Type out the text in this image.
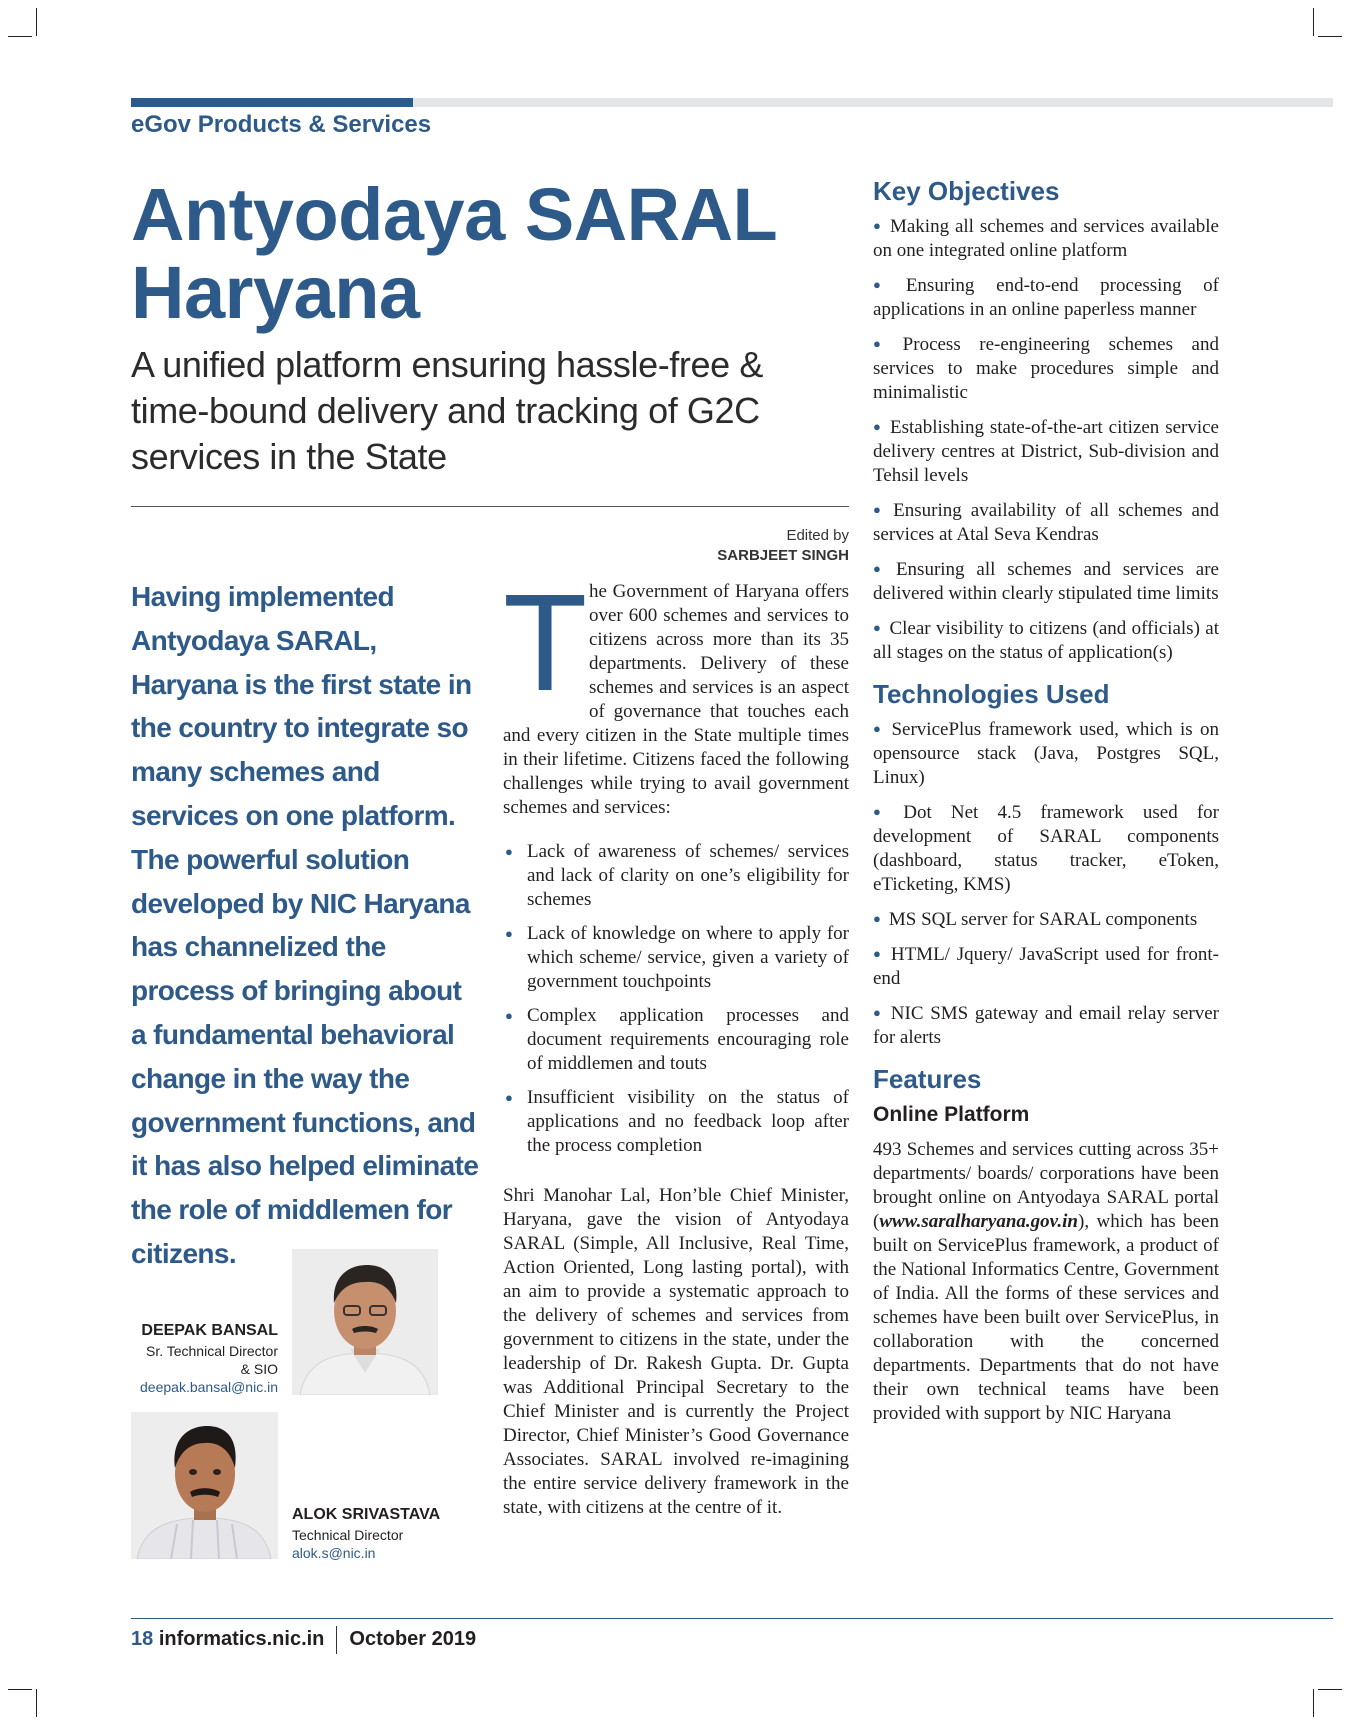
eGov Products & Services
Antyodaya SARAL
Haryana
A unified platform ensuring hassle-free & time-bound delivery and tracking of G2C services in the State
Edited by
SARBJEET SINGH
Having implemented Antyodaya SARAL, Haryana is the first state in the country to integrate so many schemes and services on one platform. The powerful solution developed by NIC Haryana has channelized the process of bringing about a fundamental behavioral change in the way the government functions, and it has also helped eliminate the role of middlemen for citizens.
DEEPAK BANSAL
Sr. Technical Director
& SIO
deepak.bansal@nic.in
ALOK SRIVASTAVA
Technical Director
alok.s@nic.in
T he Government of Haryana offers over 600 schemes and services to citizens across more than its 35 departments. Delivery of these schemes and services is an aspect of governance that touches each and every citizen in the State multiple times in their lifetime. Citizens faced the following challenges while trying to avail government schemes and services:

● Lack of awareness of schemes/ services and lack of clarity on one’s eligibility for schemes
● Lack of knowledge on where to apply for which scheme/ service, given a variety of government touchpoints
● Complex application processes and document requirements encouraging role of middlemen and touts
● Insufficient visibility on the status of applications and no feedback loop after the process completion

Shri Manohar Lal, Hon’ble Chief Minister, Haryana, gave the vision of Antyodaya SARAL (Simple, All Inclusive, Real Time, Action Oriented, Long lasting portal), with an aim to provide a systematic approach to the delivery of schemes and services from government to citizens in the state, under the leadership of Dr. Rakesh Gupta. Dr. Gupta was Additional Principal Secretary to the Chief Minister and is currently the Project Director, Chief Minister’s Good Governance Associates. SARAL involved re-imagining the entire service delivery framework in the state, with citizens at the centre of it.

Key Objectives
● Making all schemes and services available on one integrated online platform
● Ensuring end-to-end processing of applications in an online paperless manner
● Process re-engineering schemes and services to make procedures simple and minimalistic
● Establishing state-of-the-art citizen service delivery centres at District, Sub-division and Tehsil levels
● Ensuring availability of all schemes and services at Atal Seva Kendras
● Ensuring all schemes and services are delivered within clearly stipulated time limits
● Clear visibility to citizens (and officials) at all stages on the status of application(s)
Technologies Used
● ServicePlus framework used, which is on opensource stack (Java, Postgres SQL, Linux)
● Dot Net 4.5 framework used for development of SARAL components (dashboard, status tracker, eToken, eTicketing, KMS)
● MS SQL server for SARAL components
● HTML/ Jquery/ JavaScript used for front-end
● NIC SMS gateway and email relay server for alerts
Features
Online Platform

493 Schemes and services cutting across 35+ departments/ boards/ corporations have been brought online on Antyodaya SARAL portal (www.saralharyana.gov.in), which has been built on ServicePlus framework, a product of the National Informatics Centre, Government of India. All the forms of these services and schemes have been built over ServicePlus, in collaboration with the concerned departments. Departments that do not have their own technical teams have been provided with support by NIC Haryana

18 informatics.nic.in October 2019
